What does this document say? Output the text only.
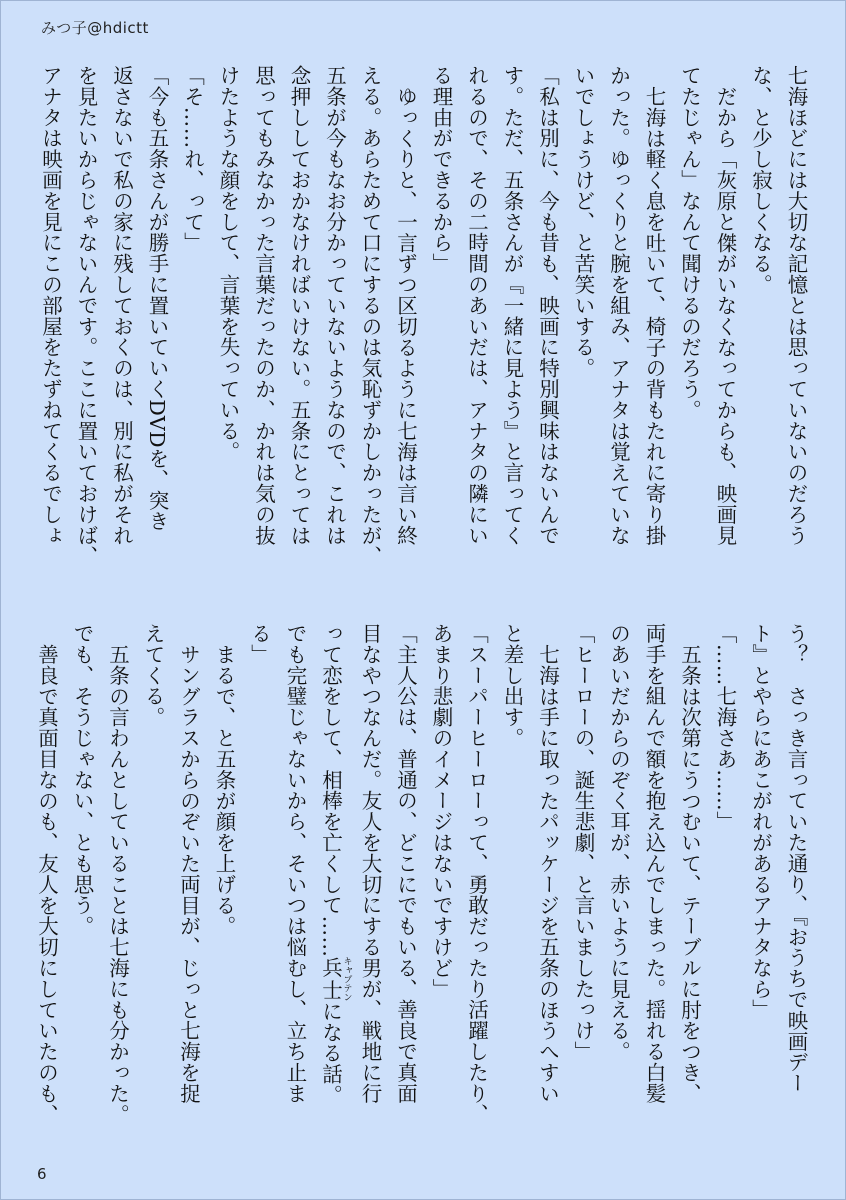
みつ子@hdictt

七海ほどには大切な記憶とは思っていないのだろう

な、と少し寂しくなる。

だから「灰原と傑がいなくなってからも、映画見

てたじゃん」なんて聞けるのだろう。

七海は軽く息を吐いて、椅子の背もたれに寄り掛

かった。ゆっくりと腕を組み、アナタは覚えていな

いでしょうけど、と苦笑いする。

「私は別に、今も昔も、映画に特別興味はないんで

す。ただ、五条さんが『一緒に見よう』と言ってく

れるので、その二時間のあいだは、アナタの隣にい

る理由ができるから」

ゆっくりと、一言ずつ区切るように七海は言い終

える。あらためて口にするのは気恥ずかしかったが、

五条が今もなお分かっていないようなので、これは

念押ししておかなければいけない。五条にとっては

思ってもみなかった言葉だったのか、かれは気の抜

けたような顔をして、言葉を失っている。

「そ……れ、って」

「今も五条さんが勝手に置いていくDVDを、突き

返さないで私の家に残しておくのは、別に私がそれ

を見たいからじゃないんです。ここに置いておけば、

アナタは映画を見にこの部屋をたずねてくるでしょ

う？　さっき言っていた通り、『おうちで映画デー

ト』とやらにあこがれがあるアナタなら」

「……七海さあ……」

五条は次第にうつむいて、テーブルに肘をつき、

両手を組んで額を抱え込んでしまった。揺れる白髪

のあいだからのぞく耳が、赤いように見える。

「ヒーローの、誕生悲劇、と言いましたっけ」

七海は手に取ったパッケージを五条のほうへすい

と差し出す。

「スーパーヒーローって、勇敢だったり活躍したり、

あまり悲劇のイメージはないですけど」

「主人公は、普通の、どこにでもいる、善良で真面

目なやつなんだ。友人を大切にする男が、戦地に行

って恋をして、相棒を亡くして……兵士 キャプテンになる話。

でも完璧じゃないから、そいつは悩むし、立ち止ま

る」

まるで、と五条が顔を上げる。

サングラスからのぞいた両目が、じっと七海を捉

えてくる。

五条の言わんとしていることは七海にも分かった。

でも、そうじゃない、とも思う。

善良で真面目なのも、友人を大切にしていたのも、

6
